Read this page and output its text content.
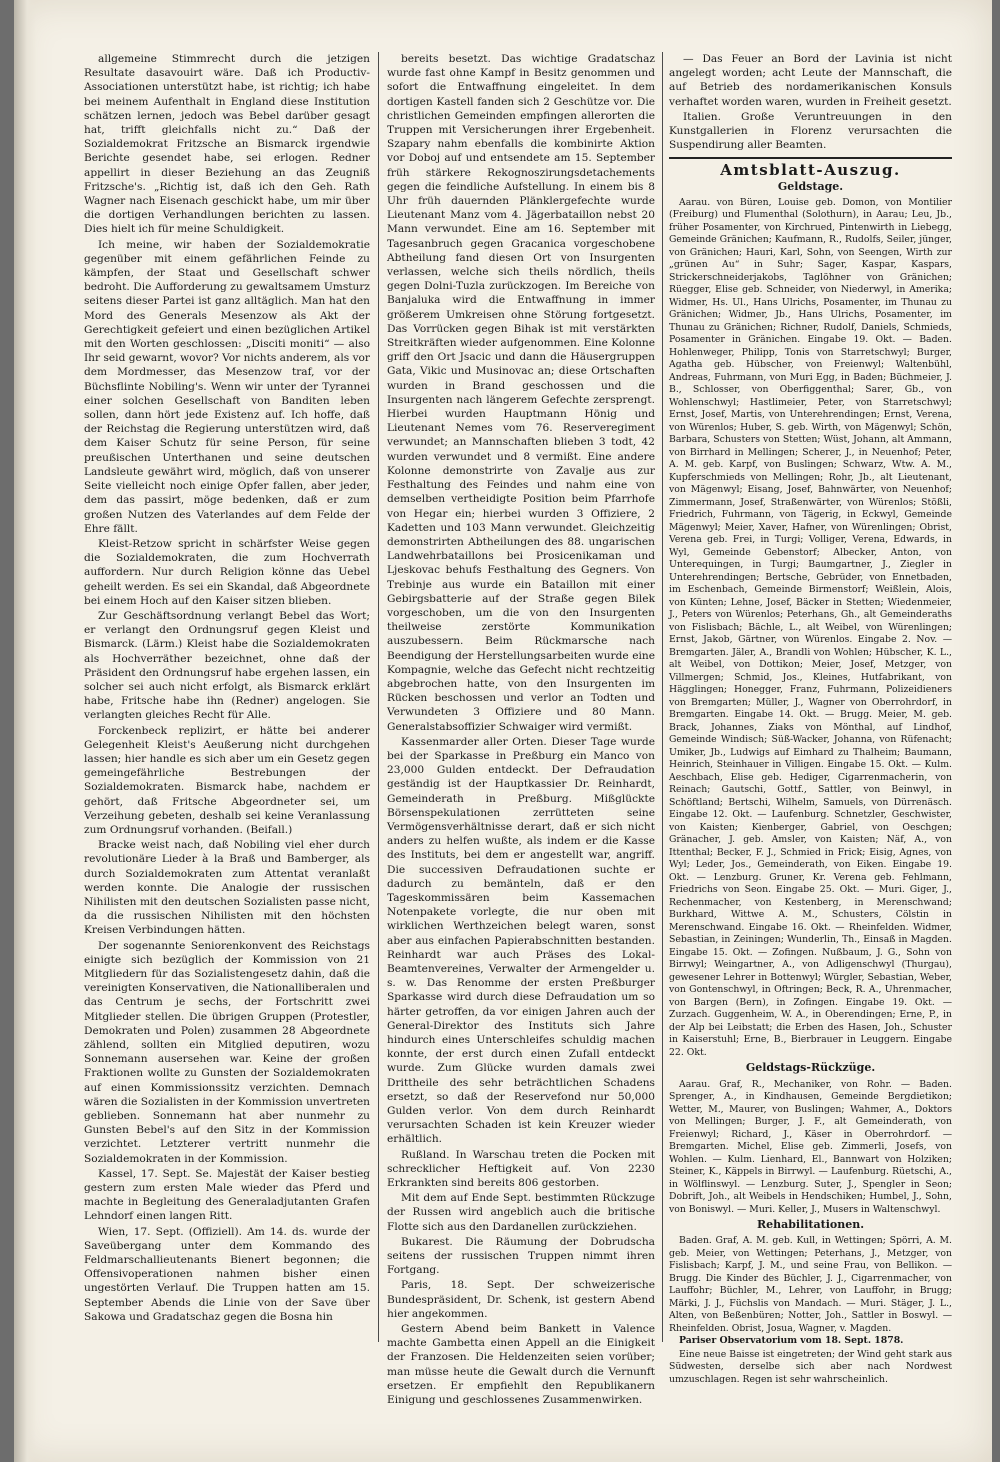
allgemeine Stimmrecht durch die jetzigen Resultate dasavouirt wäre. Daß ich Productiv-Associationen unterstützt habe, ist richtig; ich habe bei meinem Aufenthalt in England diese Institution schätzen lernen, jedoch was Bebel darüber gesagt hat, trifft gleichfalls nicht zu.“ Daß der Sozialdemokrat Fritzsche an Bismarck irgendwie Berichte gesendet habe, sei erlogen. Redner appellirt in dieser Beziehung an das Zeugniß Fritzsche's. „Richtig ist, daß ich den Geh. Rath Wagner nach Eisenach geschickt habe, um mir über die dortigen Verhandlungen berichten zu lassen. Dies hielt ich für meine Schuldigkeit.

Ich meine, wir haben der Sozialdemokratie gegenüber mit einem gefährlichen Feinde zu kämpfen, der Staat und Gesellschaft schwer bedroht. Die Aufforderung zu gewaltsamem Umsturz seitens dieser Partei ist ganz alltäglich. Man hat den Mord des Generals Mesenzow als Akt der Gerechtigkeit gefeiert und einen bezüglichen Artikel mit den Worten geschlossen: „Disciti moniti“ — also Ihr seid gewarnt, wovor? Vor nichts anderem, als vor dem Mordmesser, das Mesenzow traf, vor der Büchsflinte Nobiling's. Wenn wir unter der Tyrannei einer solchen Gesellschaft von Banditen leben sollen, dann hört jede Existenz auf. Ich hoffe, daß der Reichstag die Regierung unterstützen wird, daß dem Kaiser Schutz für seine Person, für seine preußischen Unterthanen und seine deutschen Landsleute gewährt wird, möglich, daß von unserer Seite vielleicht noch einige Opfer fallen, aber jeder, dem das passirt, möge bedenken, daß er zum großen Nutzen des Vaterlandes auf dem Felde der Ehre fällt.

Kleist-Retzow spricht in schärfster Weise gegen die Sozialdemokraten, die zum Hochverrath auffordern. Nur durch Religion könne das Uebel geheilt werden. Es sei ein Skandal, daß Abgeordnete bei einem Hoch auf den Kaiser sitzen blieben.

Zur Geschäftsordnung verlangt Bebel das Wort; er verlangt den Ordnungsruf gegen Kleist und Bismarck. (Lärm.) Kleist habe die Sozialdemokraten als Hochverräther bezeichnet, ohne daß der Präsident den Ordnungsruf habe ergehen lassen, ein solcher sei auch nicht erfolgt, als Bismarck erklärt habe, Fritsche habe ihn (Redner) angelogen. Sie verlangten gleiches Recht für Alle.

Forckenbeck replizirt, er hätte bei anderer Gelegenheit Kleist's Aeußerung nicht durchgehen lassen; hier handle es sich aber um ein Gesetz gegen gemeingefährliche Bestrebungen der Sozialdemokraten. Bismarck habe, nachdem er gehört, daß Fritsche Abgeordneter sei, um Verzeihung gebeten, deshalb sei keine Veranlassung zum Ordnungsruf vorhanden. (Beifall.)

Bracke weist nach, daß Nobiling viel eher durch revolutionäre Lieder à la Braß und Bamberger, als durch Sozialdemokraten zum Attentat veranlaßt werden konnte. Die Analogie der russischen Nihilisten mit den deutschen Sozialisten passe nicht, da die russischen Nihilisten mit den höchsten Kreisen Verbindungen hätten.

Der sogenannte Seniorenkonvent des Reichstags einigte sich bezüglich der Kommission von 21 Mitgliedern für das Sozialistengesetz dahin, daß die vereinigten Konservativen, die Nationalliberalen und das Centrum je sechs, der Fortschritt zwei Mitglieder stellen. Die übrigen Gruppen (Protestler, Demokraten und Polen) zusammen 28 Abgeordnete zählend, sollten ein Mitglied deputiren, wozu Sonnemann ausersehen war. Keine der großen Fraktionen wollte zu Gunsten der Sozialdemokraten auf einen Kommissionssitz verzichten. Demnach wären die Sozialisten in der Kommission unvertreten geblieben. Sonnemann hat aber nunmehr zu Gunsten Bebel's auf den Sitz in der Kommission verzichtet. Letzterer vertritt nunmehr die Sozialdemokraten in der Kommission.

Kassel, 17. Sept. Se. Majestät der Kaiser bestieg gestern zum ersten Male wieder das Pferd und machte in Begleitung des Generaladjutanten Grafen Lehndorf einen langen Ritt.

Wien, 17. Sept. (Offiziell). Am 14. ds. wurde der Saveübergang unter dem Kommando des Feldmarschallieutenants Bienert begonnen; die Offensivoperationen nahmen bisher einen ungestörten Verlauf. Die Truppen hatten am 15. September Abends die Linie von der Save über Sakowa und Gradatschaz gegen die Bosna hin

bereits besetzt. Das wichtige Gradatschaz wurde fast ohne Kampf in Besitz genommen und sofort die Entwaffnung eingeleitet. In dem dortigen Kastell fanden sich 2 Geschütze vor. Die christlichen Gemeinden empfingen allerorten die Truppen mit Versicherungen ihrer Ergebenheit. Szapary nahm ebenfalls die kombinirte Aktion vor Doboj auf und entsendete am 15. September früh stärkere Rekognoszirungsdetachements gegen die feindliche Aufstellung. In einem bis 8 Uhr früh dauernden Plänklergefechte wurde Lieutenant Manz vom 4. Jägerbataillon nebst 20 Mann verwundet. Eine am 16. September mit Tagesanbruch gegen Gracanica vorgeschobene Abtheilung fand diesen Ort von Insurgenten verlassen, welche sich theils nördlich, theils gegen Dolni-Tuzla zurückzogen. Im Bereiche von Banjaluka wird die Entwaffnung in immer größerem Umkreisen ohne Störung fortgesetzt. Das Vorrücken gegen Bihak ist mit verstärkten Streitkräften wieder aufgenommen. Eine Kolonne griff den Ort Jsacic und dann die Häusergruppen Gata, Vikic und Musinovac an; diese Ortschaften wurden in Brand geschossen und die Insurgenten nach längerem Gefechte zersprengt. Hierbei wurden Hauptmann Hönig und Lieutenant Nemes vom 76. Reserveregiment verwundet; an Mannschaften blieben 3 todt, 42 wurden verwundet und 8 vermißt. Eine andere Kolonne demonstrirte von Zavalje aus zur Festhaltung des Feindes und nahm eine von demselben vertheidigte Position beim Pfarrhofe von Hegar ein; hierbei wurden 3 Offiziere, 2 Kadetten und 103 Mann verwundet. Gleichzeitig demonstrirten Abtheilungen des 88. ungarischen Landwehrbataillons bei Prosicenikaman und Ljeskovac behufs Festhaltung des Gegners. Von Trebinje aus wurde ein Bataillon mit einer Gebirgsbatterie auf der Straße gegen Bilek vorgeschoben, um die von den Insurgenten theilweise zerstörte Kommunikation auszubessern. Beim Rückmarsche nach Beendigung der Herstellungsarbeiten wurde eine Kompagnie, welche das Gefecht nicht rechtzeitig abgebrochen hatte, von den Insurgenten im Rücken beschossen und verlor an Todten und Verwundeten 3 Offiziere und 80 Mann. Generalstabsoffizier Schwaiger wird vermißt.

Kassenmarder aller Orten. Dieser Tage wurde bei der Sparkasse in Preßburg ein Manco von 23,000 Gulden entdeckt. Der Defraudation geständig ist der Hauptkassier Dr. Reinhardt, Gemeinderath in Preßburg. Mißglückte Börsenspekulationen zerrütteten seine Vermögensverhältnisse derart, daß er sich nicht anders zu helfen wußte, als indem er die Kasse des Instituts, bei dem er angestellt war, angriff. Die successiven Defraudationen suchte er dadurch zu bemänteln, daß er den Tageskommissären beim Kassemachen Notenpakete vorlegte, die nur oben mit wirklichen Werthzeichen belegt waren, sonst aber aus einfachen Papierabschnitten bestanden. Reinhardt war auch Präses des Lokal-Beamtenvereines, Verwalter der Armengelder u. s. w. Das Renomme der ersten Preßburger Sparkasse wird durch diese Defraudation um so härter getroffen, da vor einigen Jahren auch der General-Direktor des Instituts sich Jahre hindurch eines Unterschleifes schuldig machen konnte, der erst durch einen Zufall entdeckt wurde. Zum Glücke wurden damals zwei Drittheile des sehr beträchtlichen Schadens ersetzt, so daß der Reservefond nur 50,000 Gulden verlor. Von dem durch Reinhardt verursachten Schaden ist kein Kreuzer wieder erhältlich.

Rußland. In Warschau treten die Pocken mit schrecklicher Heftigkeit auf. Von 2230 Erkrankten sind bereits 806 gestorben.

Mit dem auf Ende Sept. bestimmten Rückzuge der Russen wird angeblich auch die britische Flotte sich aus den Dardanellen zurückziehen.

Bukarest. Die Räumung der Dobrudscha seitens der russischen Truppen nimmt ihren Fortgang.

Paris, 18. Sept. Der schweizerische Bundespräsident, Dr. Schenk, ist gestern Abend hier angekommen.

Gestern Abend beim Bankett in Valence machte Gambetta einen Appell an die Einigkeit der Franzosen. Die Heldenzeiten seien vorüber; man müsse heute die Gewalt durch die Vernunft ersetzen. Er empfiehlt den Republikanern Einigung und geschlossenes Zusammenwirken.

— Das Feuer an Bord der Lavinia ist nicht angelegt worden; acht Leute der Mannschaft, die auf Betrieb des nordamerikanischen Konsuls verhaftet worden waren, wurden in Freiheit gesetzt.

Italien. Große Veruntreuungen in den Kunstgallerien in Florenz verursachten die Suspendirung aller Beamten.

Amtsblatt-Auszug.
Geldstage.

Aarau. von Büren, Louise geb. Domon, von Montilier (Freiburg) und Flumenthal (Solothurn), in Aarau; Leu, Jb., früher Posamenter, von Kirchrued, Pintenwirth in Liebegg, Gemeinde Gränichen; Kaufmann, R., Rudolfs, Seiler, jünger, von Gränichen; Hauri, Karl, Sohn, von Seengen, Wirth zur „grünen Au“ in Suhr; Sager, Kaspar, Kaspars, Strickerschneiderjakobs, Taglöhner von Gränichen; Rüegger, Elise geb. Schneider, von Niederwyl, in Amerika; Widmer, Hs. Ul., Hans Ulrichs, Posamenter, im Thunau zu Gränichen; Widmer, Jb., Hans Ulrichs, Posamenter, im Thunau zu Gränichen; Richner, Rudolf, Daniels, Schmieds, Posamenter in Gränichen. Eingabe 19. Okt. — Baden. Hohlenweger, Philipp, Tonis von Starretschwyl; Burger, Agatha geb. Hübscher, von Freienwyl; Waltenbühl, Andreas, Fuhrmann, von Muri Egg, in Baden; Büchmeier, J. B., Schlosser, von Oberfiggenthal; Sarer, Gb., von Wohlenschwyl; Hastlimeier, Peter, von Starretschwyl; Ernst, Josef, Martis, von Unterehrendingen; Ernst, Verena, von Würenlos; Huber, S. geb. Wirth, von Mägenwyl; Schön, Barbara, Schusters von Stetten; Wüst, Johann, alt Ammann, von Birrhard in Mellingen; Scherer, J., in Neuenhof; Peter, A. M. geb. Karpf, von Buslingen; Schwarz, Wtw. A. M., Kupferschmieds von Mellingen; Rohr, Jb., alt Lieutenant, von Mägenwyl; Eisang, Josef, Bahnwärter, von Neuenhof; Zimmermann, Josef, Straßenwärter, von Würenlos; Stößli, Friedrich, Fuhrmann, von Tägerig, in Eckwyl, Gemeinde Mägenwyl; Meier, Xaver, Hafner, von Würenlingen; Obrist, Verena geb. Frei, in Turgi; Volliger, Verena, Edwards, in Wyl, Gemeinde Gebenstorf; Albecker, Anton, von Unterequingen, in Turgi; Baumgartner, J., Ziegler in Unterehrendingen; Bertsche, Gebrüder, von Ennetbaden, im Eschenbach, Gemeinde Birmenstorf; Weißlein, Alois, von Künten; Lehne, Josef, Bäcker in Stetten; Wiedenmeier, J., Peters von Würenlos; Peterhans, Gh., alt Gemeinderaths von Fislisbach; Bächle, L., alt Weibel, von Würenlingen; Ernst, Jakob, Gärtner, von Würenlos. Eingabe 2. Nov. — Bremgarten. Jäler, A., Brandli von Wohlen; Hübscher, K. L., alt Weibel, von Dottikon; Meier, Josef, Metzger, von Villmergen; Schmid, Jos., Kleines, Hutfabrikant, von Hägglingen; Honegger, Franz, Fuhrmann, Polizeidieners von Bremgarten; Müller, J., Wagner von Oberrohrdorf, in Bremgarten. Eingabe 14. Okt. — Brugg. Meier, M. geb. Brack, Johannes, Ziaks von Mönthal, auf Lindhof, Gemeinde Windisch; Süß-Wacker, Johanna, von Rüfenacht; Umiker, Jb., Ludwigs auf Eimhard zu Thalheim; Baumann, Heinrich, Steinhauer in Villigen. Eingabe 15. Okt. — Kulm. Aeschbach, Elise geb. Hediger, Cigarrenmacherin, von Reinach; Gautschi, Gottf., Sattler, von Beinwyl, in Schöftland; Bertschi, Wilhelm, Samuels, von Dürrenäsch. Eingabe 12. Okt. — Laufenburg. Schnetzler, Geschwister, von Kaisten; Kienberger, Gabriel, von Oeschgen; Gränacher, J. geb. Amsler, von Kaisten; Näf, A., von Ittenthal; Becker, F. J., Schmied in Frick; Eisig, Agnes, von Wyl; Leder, Jos., Gemeinderath, von Eiken. Eingabe 19. Okt. — Lenzburg. Gruner, Kr. Verena geb. Fehlmann, Friedrichs von Seon. Eingabe 25. Okt. — Muri. Giger, J., Rechenmacher, von Kestenberg, in Merenschwand; Burkhard, Wittwe A. M., Schusters, Cölstin in Merenschwand. Eingabe 16. Okt. — Rheinfelden. Widmer, Sebastian, in Zeiningen; Wunderlin, Th., Einsaß in Magden. Eingabe 15. Okt. — Zofingen. Nußbaum, J. G., Sohn von Birrwyl; Weingartner, A., von Adligenschwyl (Thurgau), gewesener Lehrer in Bottenwyl; Würgler, Sebastian, Weber, von Gontenschwyl, in Oftringen; Beck, R. A., Uhrenmacher, von Bargen (Bern), in Zofingen. Eingabe 19. Okt. — Zurzach. Guggenheim, W. A., in Oberendingen; Erne, P., in der Alp bei Leibstatt; die Erben des Hasen, Joh., Schuster in Kaiserstuhl; Erne, B., Bierbrauer in Leuggern. Eingabe 22. Okt.

Geldstags-Rückzüge.

Aarau. Graf, R., Mechaniker, von Rohr. — Baden. Sprenger, A., in Kindhausen, Gemeinde Bergdietikon; Wetter, M., Maurer, von Buslingen; Wahmer, A., Doktors von Mellingen; Burger, J. F., alt Gemeinderath, von Freienwyl; Richard, J., Käser in Oberrohrdorf. — Bremgarten. Michel, Elise geb. Zimmerli, Josefs, von Wohlen. — Kulm. Lienhard, El., Bannwart von Holziken; Steiner, K., Käppels in Birrwyl. — Laufenburg. Rüetschi, A., in Wölflinswyl. — Lenzburg. Suter, J., Spengler in Seon; Dobrift, Joh., alt Weibels in Hendschiken; Humbel, J., Sohn, von Boniswyl. — Muri. Keller, J., Musers in Waltenschwyl.

Rehabilitationen.

Baden. Graf, A. M. geb. Kull, in Wettingen; Spörri, A. M. geb. Meier, von Wettingen; Peterhans, J., Metzger, von Fislisbach; Karpf, J. M., und seine Frau, von Bellikon. — Brugg. Die Kinder des Büchler, J. J., Cigarrenmacher, von Lauffohr; Büchler, M., Lehrer, von Lauffohr, in Brugg; Märki, J. J., Füchslis von Mandach. — Muri. Stäger, J. L., Alten, von Beßenbüren; Notter, Joh., Sattler in Boswyl. — Rheinfelden. Obrist, Josua, Wagner, v. Magden.

Pariser Observatorium vom 18. Sept. 1878.

Eine neue Baisse ist eingetreten; der Wind geht stark aus Südwesten, derselbe sich aber nach Nordwest umzuschlagen. Regen ist sehr wahrscheinlich.
